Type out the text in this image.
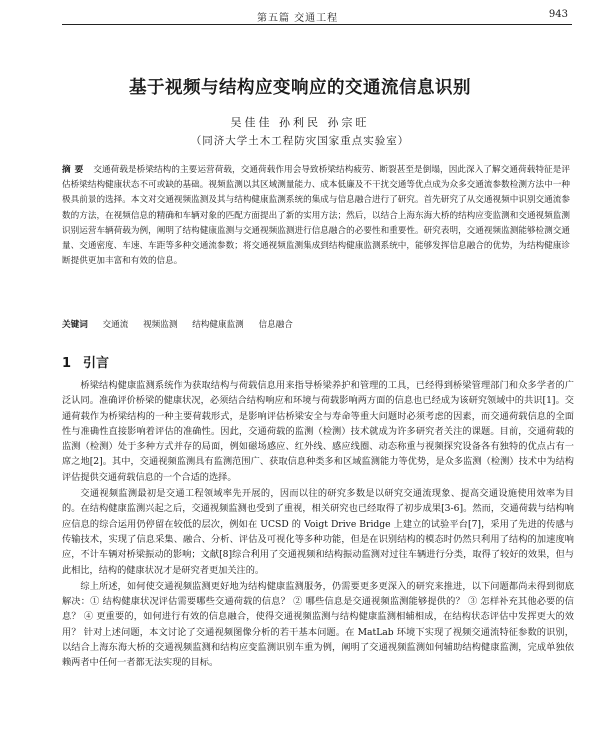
第五篇 交通工程	943
基于视频与结构应变响应的交通流信息识别
吴佳佳 孙利民 孙宗旺
（同济大学土木工程防灾国家重点实验室）
摘要 交通荷载是桥梁结构的主要运营荷载，交通荷载作用会导致桥梁结构疲劳、断裂甚至是倒塌，因此深入了解交通荷载特征是评估桥梁结构健康状态不可或缺的基础。视频监测以其区域测量能力、成本低廉及不干扰交通等优点成为众多交通流参数检测方法中一种极具前景的选择。本文对交通视频监测及其与结构健康监测系统的集成与信息融合进行了研究。首先研究了从交通视频中识别交通流参数的方法，在视频信息的精确和车辆对象的匹配方面提出了新的实用方法；然后，以结合上海东海大桥的结构应变监测和交通视频监测识别运营车辆荷载为例，阐明了结构健康监测与交通视频监测进行信息融合的必要性和重要性。研究表明，交通视频监测能够检测交通量、交通密度、车速、车距等多种交通流参数；将交通视频监测集成到结构健康监测系统中，能够发挥信息融合的优势，为结构健康诊断提供更加丰富和有效的信息。
关键词 交通流 视频监测 结构健康监测 信息融合
1 引言

桥梁结构健康监测系统作为获取结构与荷载信息用来指导桥梁养护和管理的工具，已经得到桥梁管理部门和众多学者的广泛认同。准确评价桥梁的健康状况，必须结合结构响应和环境与荷载影响两方面的信息也已经成为该研究领域中的共识[1]。交通荷载作为桥梁结构的一种主要荷载形式，是影响评估桥梁安全与寿命等重大问题时必须考虑的因素，而交通荷载信息的全面性与准确性直接影响着评估的准确性。因此，交通荷载的监测（检测）技术就成为许多研究者关注的课题。目前，交通荷载的监测（检测）处于多种方式并存的局面，例如磁场感应、红外线、感应线圈、动态称重与视频探究设备各有独特的优点占有一席之地[2]。其中，交通视频监测具有监测范围广、获取信息种类多和区域监测能力等优势，是众多监测（检测）技术中为结构评估提供交通荷载信息的一个合适的选择。

交通视频监测最初是交通工程领域率先开展的，因而以往的研究多数是以研究交通流现象、提高交通设施使用效率为目的。在结构健康监测兴起之后，交通视频监测也受到了重视，相关研究也已经取得了初步成果[3-6]。然而，交通荷载与结构响应信息的综合运用仍停留在较低的层次，例如在 UCSD 的 Voigt Drive Bridge 上建立的试验平台[7]，采用了先进的传感与传输技术，实现了信息采集、融合、分析、评估及可视化等多种功能，但是在识别结构的模态时仍然只利用了结构的加速度响应，不计车辆对桥梁振动的影响；文献[8]综合利用了交通视频和结构振动监测对过往车辆进行分类，取得了较好的效果，但与此相比，结构的健康状况才是研究者更加关注的。

综上所述，如何使交通视频监测更好地为结构健康监测服务，仍需要更多更深入的研究来推进，以下问题都尚未得到彻底解决：① 结构健康状况评估需要哪些交通荷载的信息？ ② 哪些信息是交通视频监测能够提供的？ ③ 怎样补充其他必要的信息？ ④ 更重要的，如何进行有效的信息融合，使得交通视频监测与结构健康监测相辅相成，在结构状态评估中发挥更大的效用？ 针对上述问题，本文讨论了交通视频图像分析的若干基本问题。在 MatLab 环境下实现了视频交通流特征参数的识别，以结合上海东海大桥的交通视频监测和结构应变监测识别车重为例，阐明了交通视频监测如何辅助结构健康监测，完成单独依赖两者中任何一者都无法实现的目标。
